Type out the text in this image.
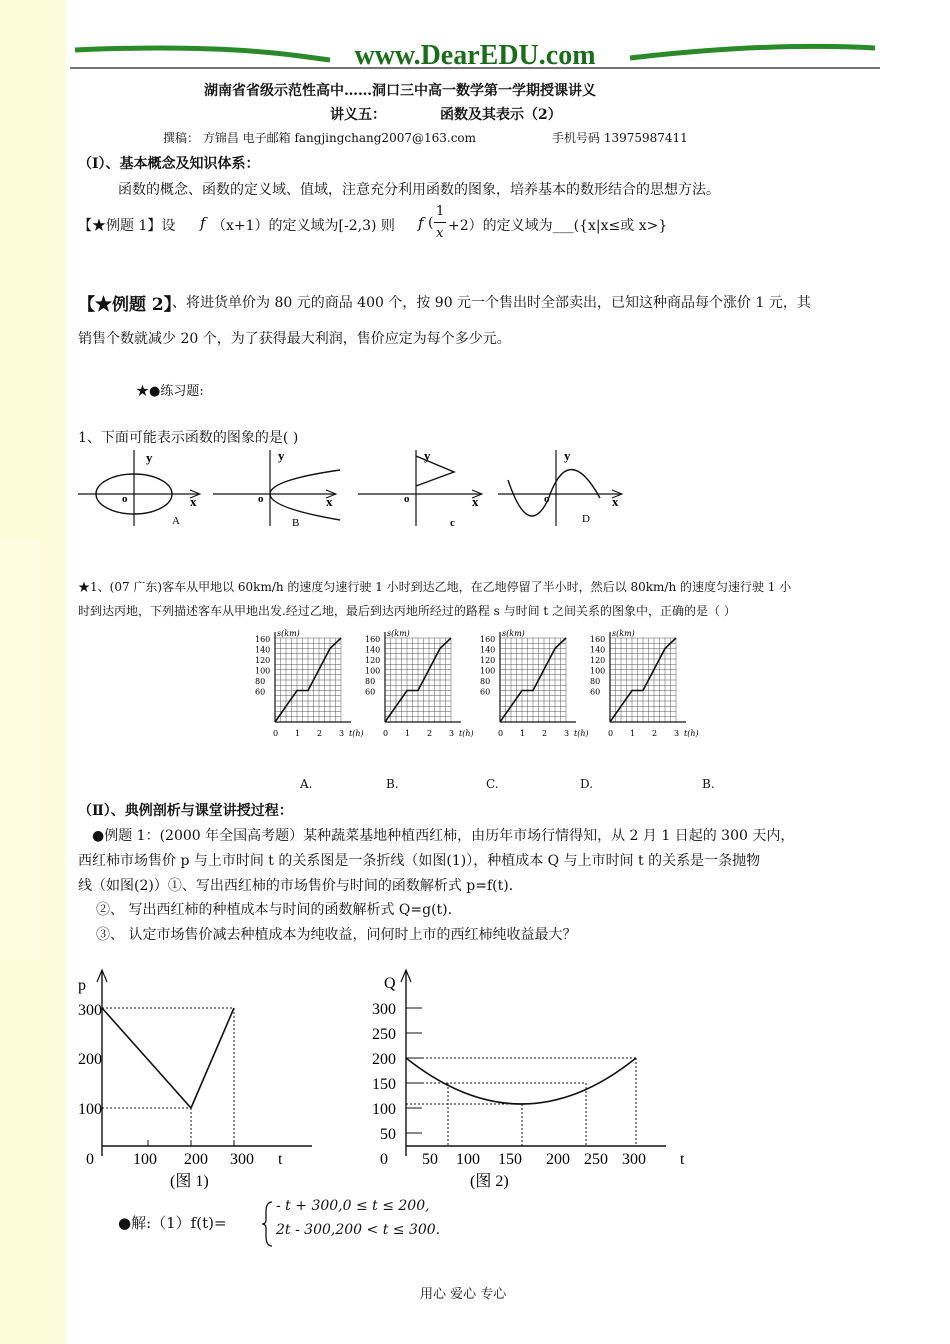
www.DearEDU.com
湖南省省级示范性高中……洞口三中高一数学第一学期授课讲义
讲义五：	函数及其表示（2）
撰稿： 方锦昌 电子邮箱 fangjingchang2007@163.com	手机号码 13975987411
（Ⅰ）、基本概念及知识体系：
函数的概念、函数的定义域、值域，注意充分利用函数的图象，培养基本的数形结合的思想方法。
【★例题 1】设 f （x+1）的定义域为[-2,3) 则 f (
1
x +2）的定义域为___({x|x≤或 x>}
【★例题 2】
、将进货单价为 80 元的商品 400 个，按 90 元一个售出时全部卖出，已知这种商品每个涨价 1 元，其
销售个数就减少 20 个，为了获得最大利润，售价应定为每个多少元。
★●练习题:
1、下面可能表示函数的图象的是( )
y
x
o
y
x
o
y
x
o
y
x
o
A	B	c	D
★1、(07 广东)客车从甲地以 60km/h 的速度匀速行驶 1 小时到达乙地，在乙地停留了半小时，然后以 80km/h 的速度匀速行驶 1 小
时到达丙地，下列描述客车从甲地出发.经过乙地，最后到达丙地所经过的路程 s 与时间 t 之间关系的图象中，正确的是（ ）
s(km)
160
140
120
100
80
60
0 1 2 3 t(h)
s(km)
160
140
120
100
80
60
0 1 2 3 t(h)
s(km)
160
140
120
100
80
60
0 1 2 3 t(h)
s(km)
160
140
120
100
80
60
0 1 2 3 t(h)
A.	B.	C.	D.	B.
（Ⅱ）、典例剖析与课堂讲授过程：
●例题 1：(2000 年全国高考题）某种蔬菜基地种植西红柿，由历年市场行情得知，从 2 月 1 日起的 300 天内，
西红柿市场售价 p 与上市时间 t 的关系图是一条折线（如图(1)），种植成本 Q 与上市时间 t 的关系是一条抛物
线（如图(2)）①、写出西红柿的市场售价与时间的函数解析式 p=f(t).
②、 写出西红柿的种植成本与时间的函数解析式 Q=g(t).
③、 认定市场售价减去种植成本为纯收益，问何时上市的西红柿纯收益最大？
p
300
200
100
0 100 200 300 t
(图 1)
Q
300
250
200
150
100
50
0 50 100 150 200 250 300 t
(图 2)
●解:（1）f(t)=
- t + 300,0 ≤ t ≤ 200,
2t - 300,200 < t ≤ 300.
用心 爱心 专心
